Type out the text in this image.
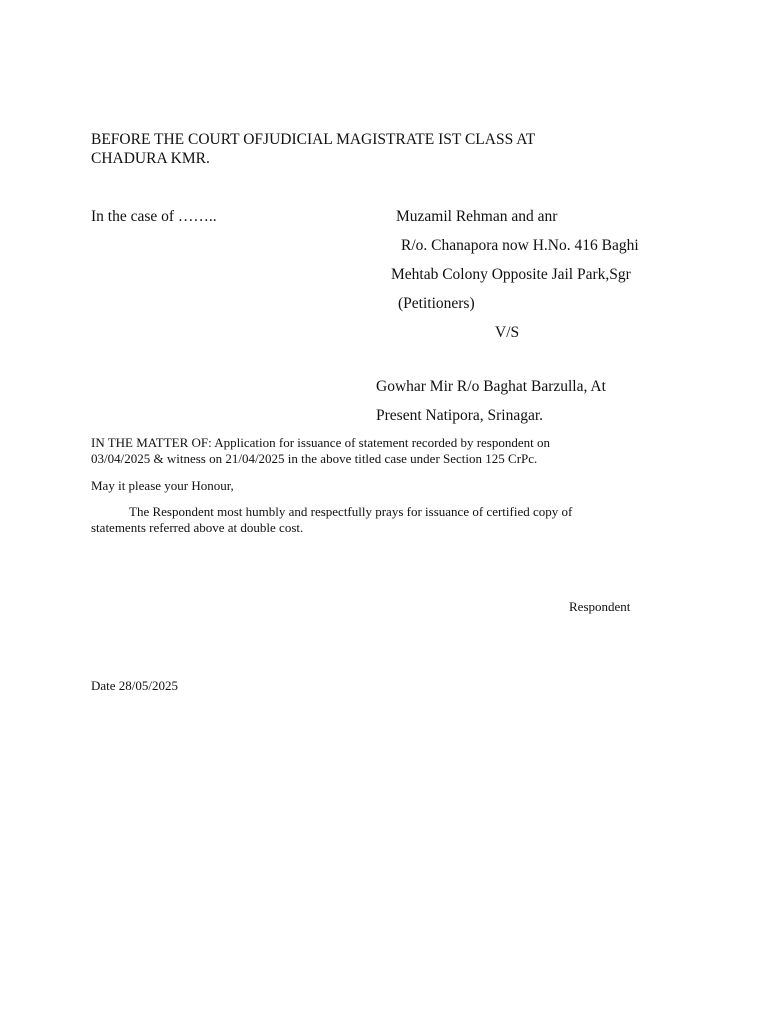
BEFORE THE COURT OFJUDICIAL MAGISTRATE IST CLASS AT
CHADURA KMR.
In the case of ……..	Muzamil Rehman and anr
R/o. Chanapora now H.No. 416 Baghi
Mehtab Colony Opposite Jail Park,Sgr
(Petitioners)
V/S
Gowhar Mir R/o Baghat Barzulla, At
Present Natipora, Srinagar.
IN THE MATTER OF: Application for issuance of statement recorded by respondent on
03/04/2025 & witness on 21/04/2025 in the above titled case under Section 125 CrPc.
May it please your Honour,
The Respondent most humbly and respectfully prays for issuance of certified copy of
statements referred above at double cost.
Respondent
Date 28/05/2025
